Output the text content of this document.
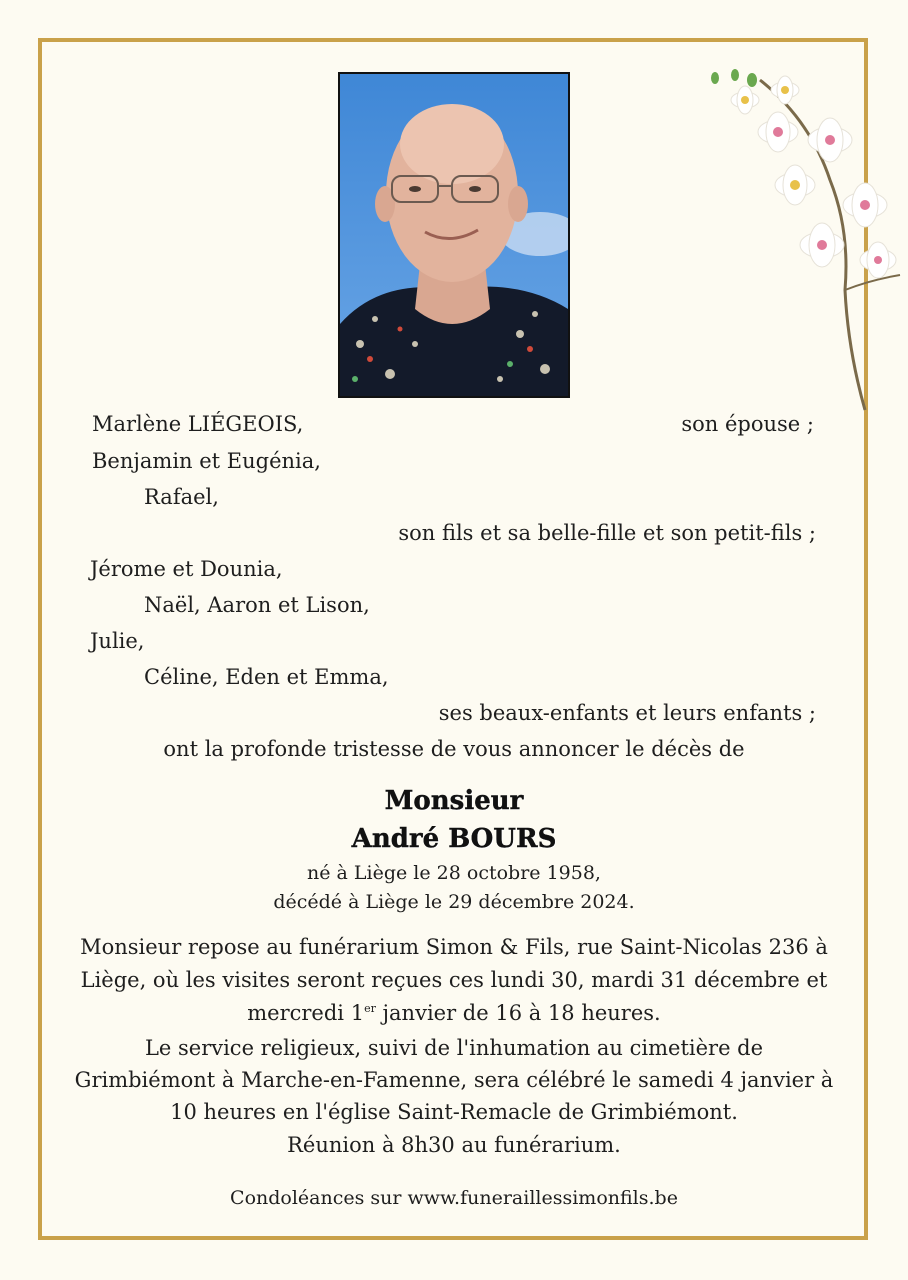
Marlène LIÉGEOIS,	son épouse ;
Benjamin et Eugénia,
Rafael,
son fils et sa belle-fille et son petit-fils ;
Jérome et Dounia,
Naël, Aaron et Lison,
Julie,
Céline, Eden et Emma,
ses beaux-enfants et leurs enfants ;
ont la profonde tristesse de vous annoncer le décès de
Monsieur
André BOURS
né à Liège le 28 octobre 1958,
décédé à Liège le 29 décembre 2024.
Monsieur repose au funérarium Simon & Fils, rue Saint-Nicolas 236 à
Liège, où les visites seront reçues ces lundi 30, mardi 31 décembre et
mercredi 1er janvier de 16 à 18 heures.
Le service religieux, suivi de l'inhumation au cimetière de
Grimbiémont à Marche-en-Famenne, sera célébré le samedi 4 janvier à
10 heures en l'église Saint-Remacle de Grimbiémont.
Réunion à 8h30 au funérarium.
Condoléances sur www.funeraillessimonfils.be
